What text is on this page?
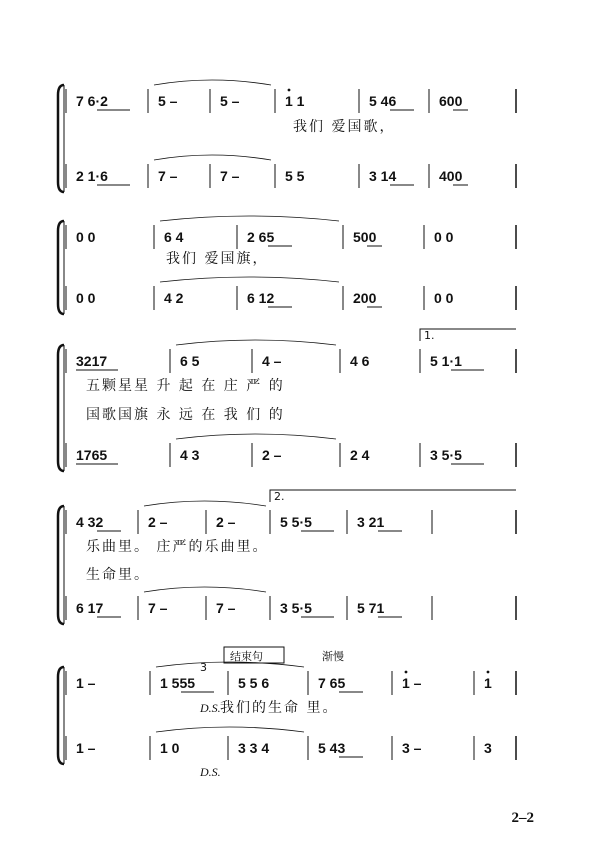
7 6·2	5 –	5 –	1 1	5 46	600
2 1·6	7 –	7 –	5 5	3 14	400
我们 爱国歌，
0 0	6 4	2 65	500	0 0
0 0	4 2	6 12	200	0 0
我们 爱国旗，
3217	6 5	4 –	4 6	5 1·1
1765	4 3	2 –	2 4	3 5·5
五颗星星 升 起 在 庄 严 的
国歌国旗 永 远 在 我 们 的
1.
4 32	2 –	2 –	5 5·5	3 21
6 17	7 –	7 –	3 5·5	5 71
乐曲里。 庄严的乐曲里。
生命里。
2.
1 –	1 555	5 5 6	7 65	1 –	1
1 –	1 0	3 3 4	5 43	3 –	3
我们的生命 里。
结束句	渐慢
3
D.S.
D.S.
2–2
